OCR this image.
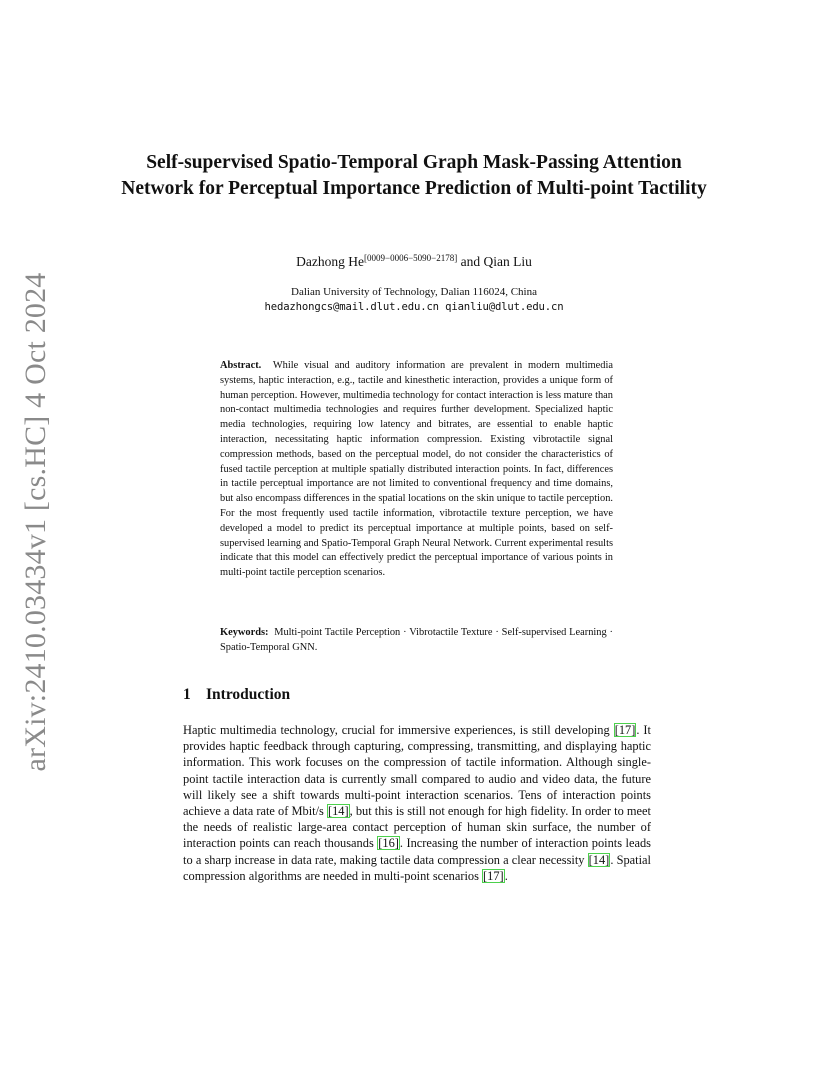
arXiv:2410.03434v1 [cs.HC] 4 Oct 2024
Self-supervised Spatio-Temporal Graph Mask-Passing Attention Network for Perceptual Importance Prediction of Multi-point Tactility
Dazhong He[0009−0006−5090−2178] and Qian Liu
Dalian University of Technology, Dalian 116024, China
hedazhongcs@mail.dlut.edu.cn qianliu@dlut.edu.cn

Abstract. While visual and auditory information are prevalent in modern multimedia systems, haptic interaction, e.g., tactile and kinesthetic interaction, provides a unique form of human perception. However, multimedia technology for contact interaction is less mature than non-contact multimedia technologies and requires further development. Specialized haptic media technologies, requiring low latency and bitrates, are essential to enable haptic interaction, necessitating haptic information compression. Existing vibrotactile signal compression methods, based on the perceptual model, do not consider the characteristics of fused tactile perception at multiple spatially distributed interaction points. In fact, differences in tactile perceptual importance are not limited to conventional frequency and time domains, but also encompass differences in the spatial locations on the skin unique to tactile perception. For the most frequently used tactile information, vibrotactile texture perception, we have developed a model to predict its perceptual importance at multiple points, based on self-supervised learning and Spatio-Temporal Graph Neural Network. Current experimental results indicate that this model can effectively predict the perceptual importance of various points in multi-point tactile perception scenarios.

Keywords: Multi-point Tactile Perception · Vibrotactile Texture · Self-supervised Learning · Spatio-Temporal GNN.

1 Introduction

Haptic multimedia technology, crucial for immersive experiences, is still developing [17]. It provides haptic feedback through capturing, compressing, transmitting, and displaying haptic information. This work focuses on the compression of tactile information. Although single-point tactile interaction data is currently small compared to audio and video data, the future will likely see a shift towards multi-point interaction scenarios. Tens of interaction points achieve a data rate of Mbit/s [14], but this is still not enough for high fidelity. In order to meet the needs of realistic large-area contact perception of human skin surface, the number of interaction points can reach thousands [16]. Increasing the number of interaction points leads to a sharp increase in data rate, making tactile data compression a clear necessity [14]. Spatial compression algorithms are needed in multi-point scenarios [17].
